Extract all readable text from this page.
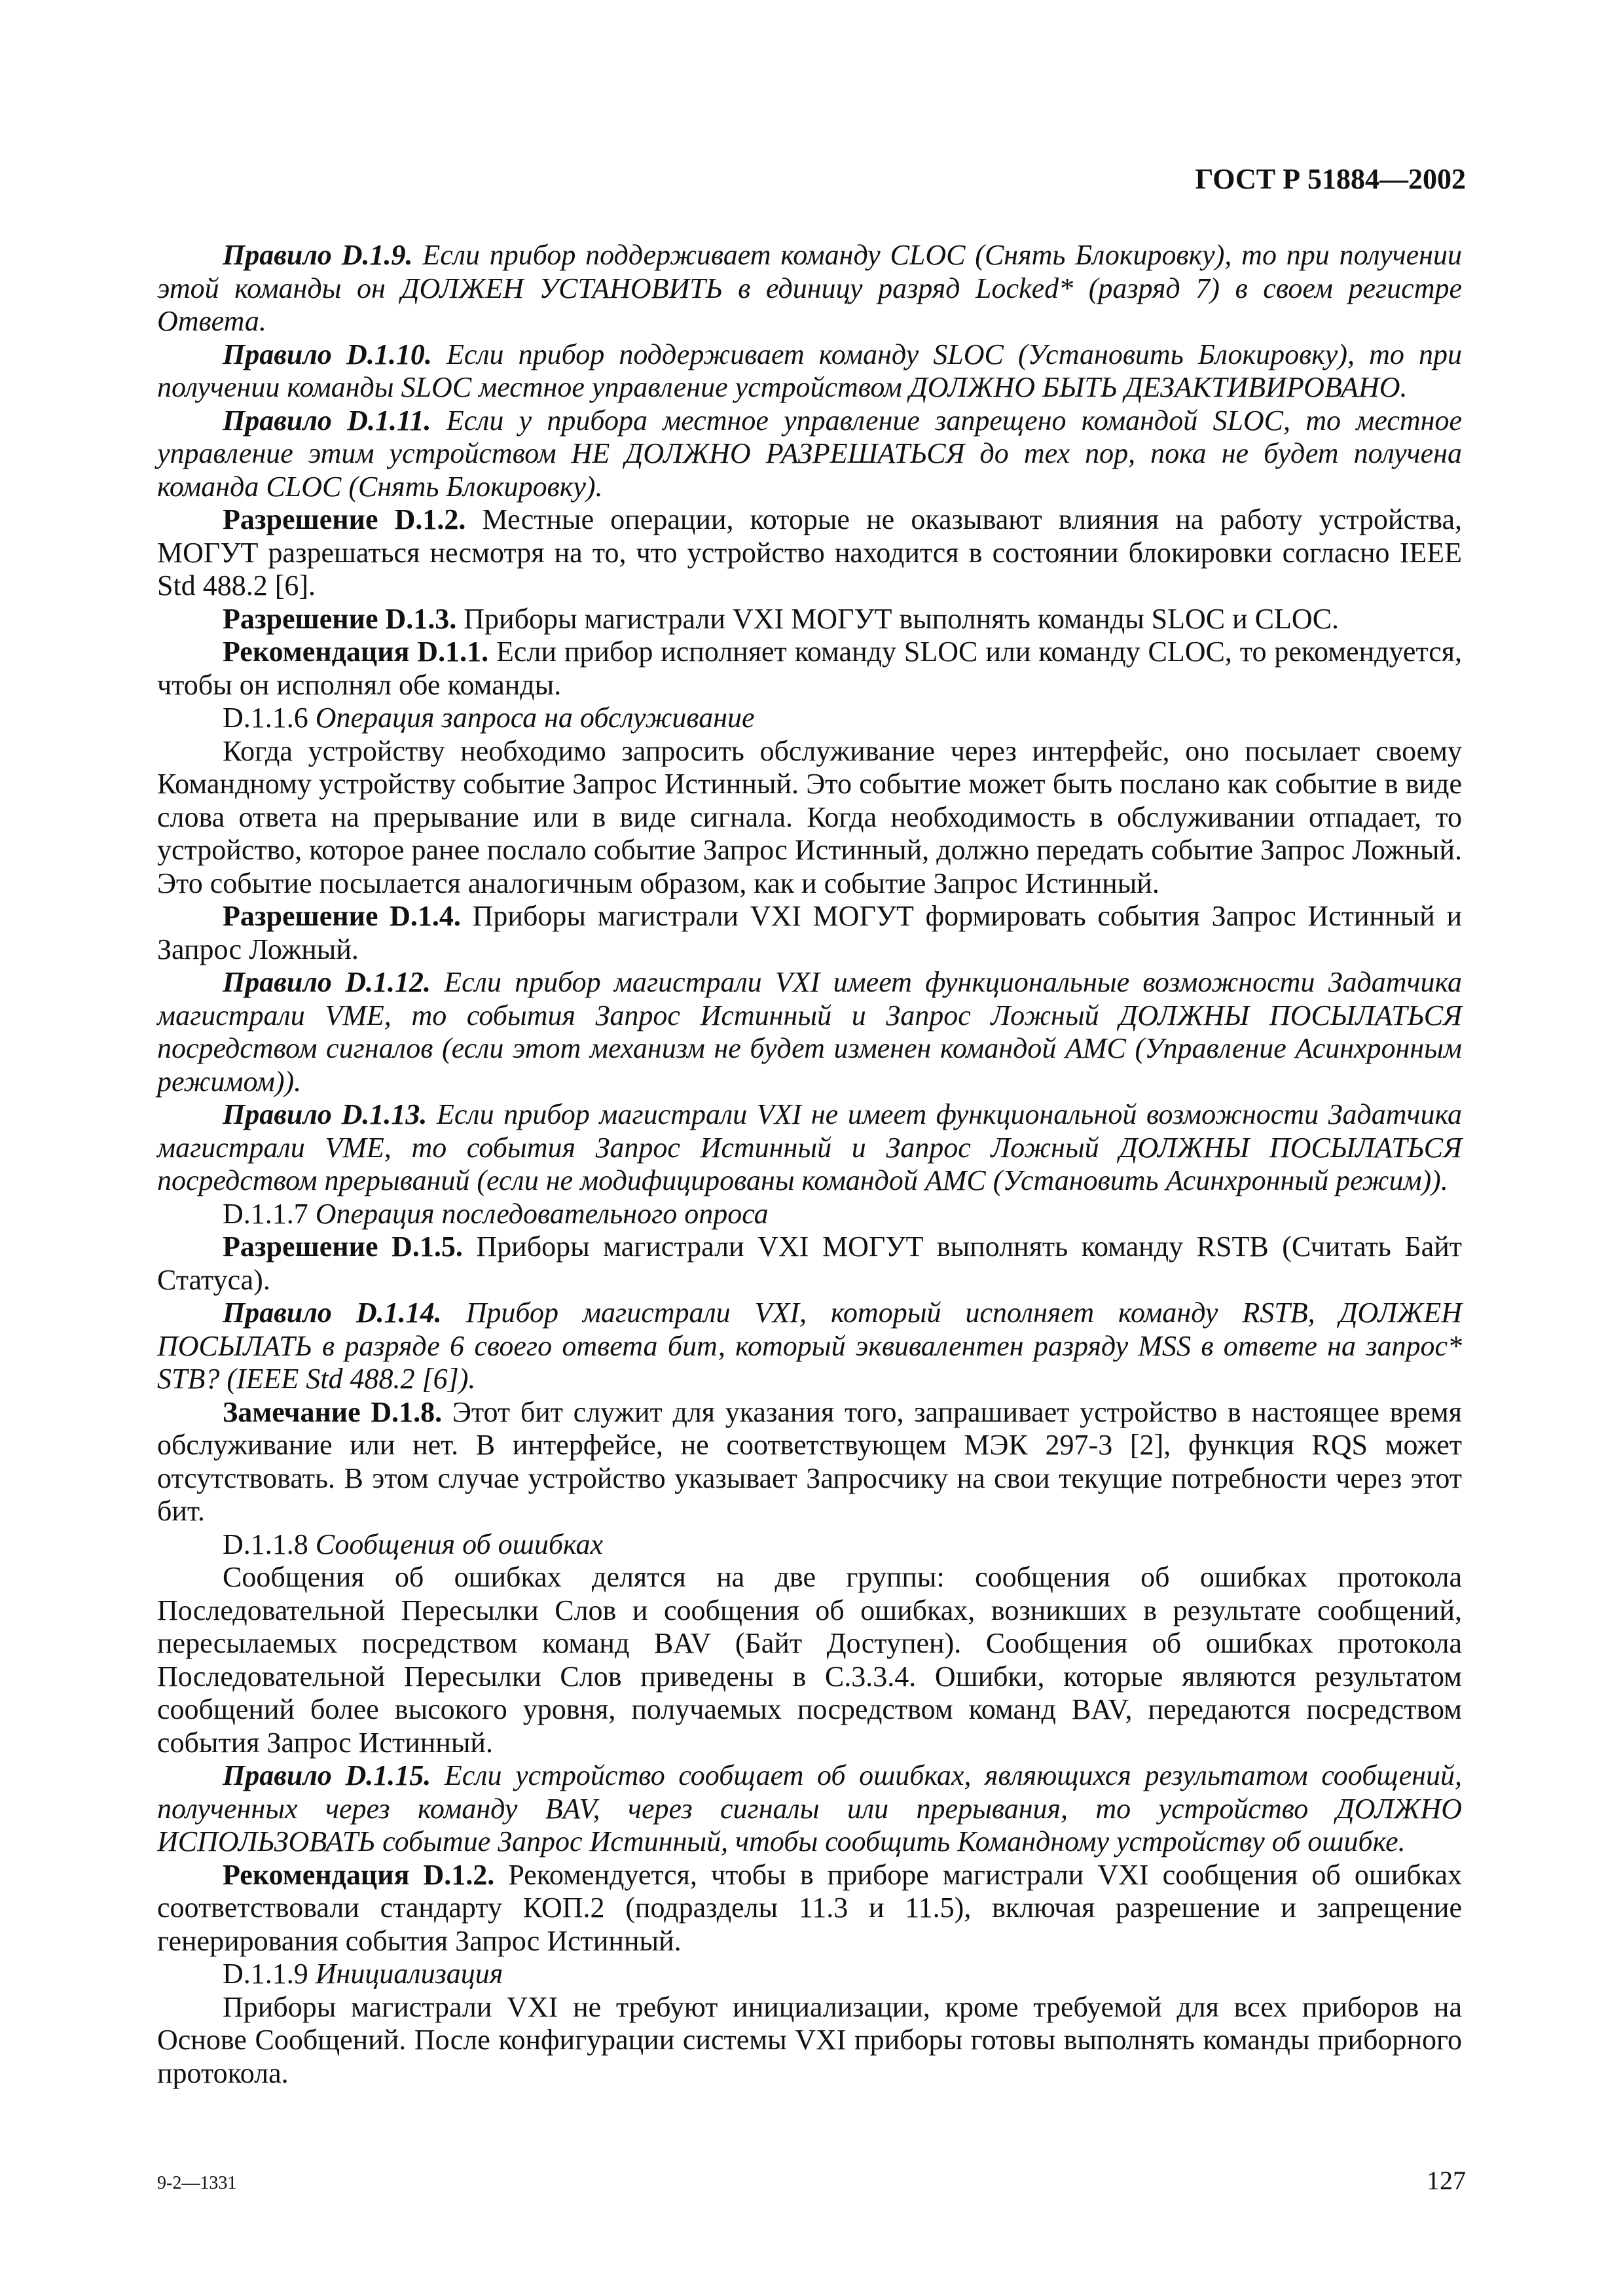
ГОСТ Р 51884—2002

Правило D.1.9. Если прибор поддерживает команду CLOC (Снять Блокировку), то при получении этой команды он ДОЛЖЕН УСТАНОВИТЬ в единицу разряд Locked* (разряд 7) в своем регистре Ответа.

Правило D.1.10. Если прибор поддерживает команду SLOC (Установить Блокировку), то при получении команды SLOC местное управление устройством ДОЛЖНО БЫТЬ ДЕЗАКТИВИРОВАНО.

Правило D.1.11. Если у прибора местное управление запрещено командой SLOC, то местное управление этим устройством НЕ ДОЛЖНО РАЗРЕШАТЬСЯ до тех пор, пока не будет получена команда CLOC (Снять Блокировку).

Разрешение D.1.2. Местные операции, которые не оказывают влияния на работу устройства, МОГУТ разрешаться несмотря на то, что устройство находится в состоянии блокировки согласно IEEE Std 488.2 [6].

Разрешение D.1.3. Приборы магистрали VXI МОГУТ выполнять команды SLOC и CLOC.

Рекомендация D.1.1. Если прибор исполняет команду SLOC или команду CLOC, то рекомендуется, чтобы он исполнял обе команды.

D.1.1.6 Операция запроса на обслуживание

Когда устройству необходимо запросить обслуживание через интерфейс, оно посылает своему Командному устройству событие Запрос Истинный. Это событие может быть послано как событие в виде слова ответа на прерывание или в виде сигнала. Когда необходимость в обслуживании отпадает, то устройство, которое ранее послало событие Запрос Истинный, должно передать событие Запрос Ложный. Это событие посылается аналогичным образом, как и событие Запрос Истинный.

Разрешение D.1.4. Приборы магистрали VXI МОГУТ формировать события Запрос Истинный и Запрос Ложный.

Правило D.1.12. Если прибор магистрали VXI имеет функциональные возможности Задатчика магистрали VME, то события Запрос Истинный и Запрос Ложный ДОЛЖНЫ ПОСЫЛАТЬСЯ посредством сигналов (если этот механизм не будет изменен командой AMC (Управление Асинхронным режимом)).

Правило D.1.13. Если прибор магистрали VXI не имеет функциональной возможности Задатчика магистрали VME, то события Запрос Истинный и Запрос Ложный ДОЛЖНЫ ПОСЫЛАТЬСЯ посредством прерываний (если не модифицированы командой AMC (Установить Асинхронный режим)).

D.1.1.7 Операция последовательного опроса

Разрешение D.1.5. Приборы магистрали VXI МОГУТ выполнять команду RSTB (Считать Байт Статуса).

Правило D.1.14. Прибор магистрали VXI, который исполняет команду RSTB, ДОЛЖЕН ПОСЫЛАТЬ в разряде 6 своего ответа бит, который эквивалентен разряду MSS в ответе на запрос* STB? (IEEE Std 488.2 [6]).

Замечание D.1.8. Этот бит служит для указания того, запрашивает устройство в настоящее время обслуживание или нет. В интерфейсе, не соответствующем МЭК 297-3 [2], функция RQS может отсутствовать. В этом случае устройство указывает Запросчику на свои текущие потребности через этот бит.

D.1.1.8 Сообщения об ошибках

Сообщения об ошибках делятся на две группы: сообщения об ошибках протокола Последовательной Пересылки Слов и сообщения об ошибках, возникших в результате сообщений, пересылаемых посредством команд BAV (Байт Доступен). Сообщения об ошибках протокола Последовательной Пересылки Слов приведены в С.3.3.4. Ошибки, которые являются результатом сообщений более высокого уровня, получаемых посредством команд BAV, передаются посредством события Запрос Истинный.

Правило D.1.15. Если устройство сообщает об ошибках, являющихся результатом сообщений, полученных через команду BAV, через сигналы или прерывания, то устройство ДОЛЖНО ИСПОЛЬЗОВАТЬ событие Запрос Истинный, чтобы сообщить Командному устройству об ошибке.

Рекомендация D.1.2. Рекомендуется, чтобы в приборе магистрали VXI сообщения об ошибках соответствовали стандарту КОП.2 (подразделы 11.3 и 11.5), включая разрешение и запрещение генерирования события Запрос Истинный.

D.1.1.9 Инициализация

Приборы магистрали VXI не требуют инициализации, кроме требуемой для всех приборов на Основе Сообщений. После конфигурации системы VXI приборы готовы выполнять команды приборного протокола.

9-2—1331	127
